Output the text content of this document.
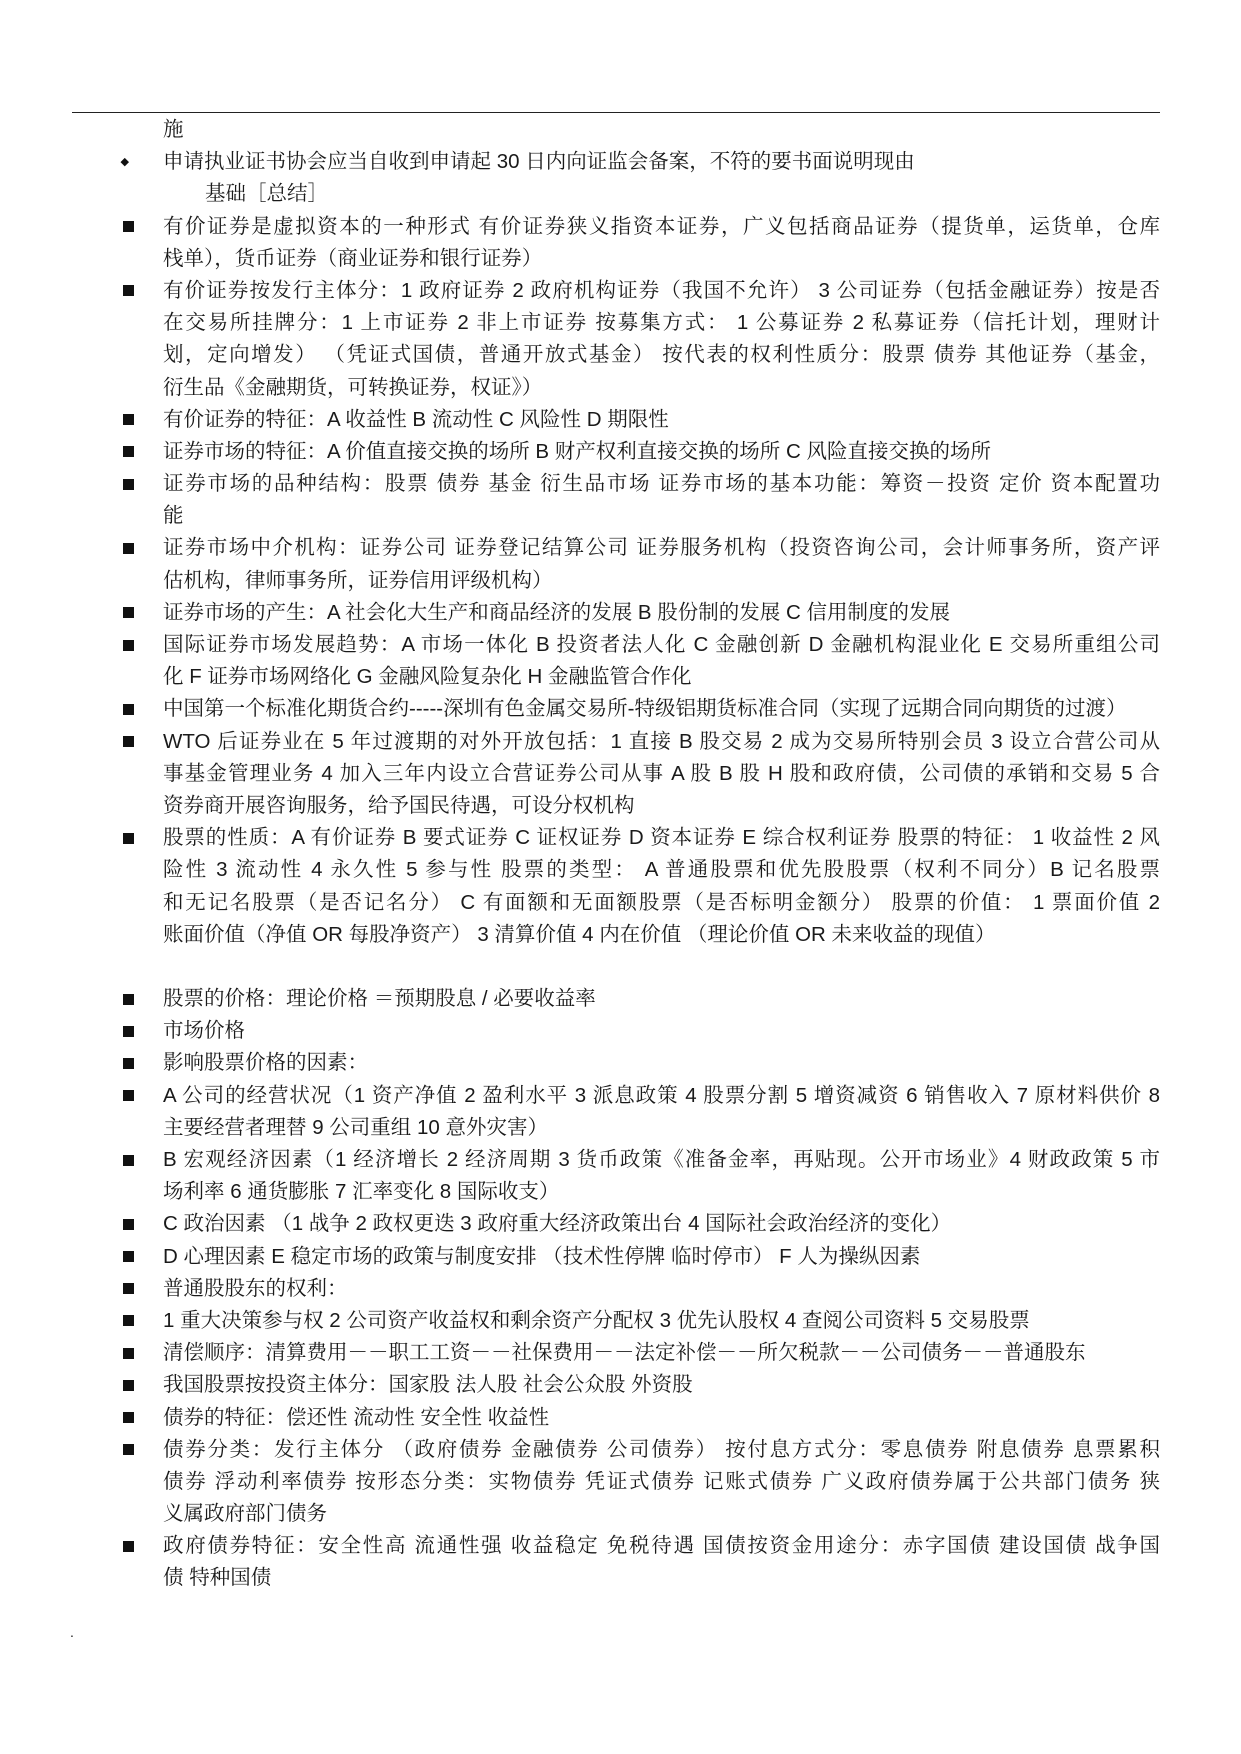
施
申请执业证书协会应当自收到申请起 30 日内向证监会备案，不符的要书面说明现由
基础［总结］
有价证券是虚拟资本的一种形式 有价证券狭义指资本证券，广义包括商品证券（提货单，运货单，仓库
栈单），货币证券（商业证券和银行证券）
有价证券按发行主体分：1 政府证券 2 政府机构证券（我国不允许） 3 公司证券（包括金融证券）按是否
在交易所挂牌分：1 上市证券 2 非上市证券 按募集方式： 1 公募证券 2 私募证券（信托计划，理财计
划，定向增发） （凭证式国债，普通开放式基金） 按代表的权利性质分：股票 债券 其他证券（基金，
衍生品《金融期货，可转换证券，权证》）
有价证券的特征：A 收益性 B 流动性 C 风险性 D 期限性
证券市场的特征：A 价值直接交换的场所 B 财产权利直接交换的场所 C 风险直接交换的场所
证券市场的品种结构：股票 债券 基金 衍生品市场 证券市场的基本功能：筹资－投资 定价 资本配置功
能
证券市场中介机构：证券公司 证券登记结算公司 证券服务机构（投资咨询公司，会计师事务所，资产评
估机构，律师事务所，证券信用评级机构）
证券市场的产生：A 社会化大生产和商品经济的发展 B 股份制的发展 C 信用制度的发展
国际证券市场发展趋势：A 市场一体化 B 投资者法人化 C 金融创新 D 金融机构混业化 E 交易所重组公司
化 F 证券市场网络化 G 金融风险复杂化 H 金融监管合作化
中国第一个标准化期货合约-----深圳有色金属交易所-特级铝期货标准合同（实现了远期合同向期货的过渡）
WTO 后证券业在 5 年过渡期的对外开放包括：1 直接 B 股交易 2 成为交易所特别会员 3 设立合营公司从
事基金管理业务 4 加入三年内设立合营证券公司从事 A 股 B 股 H 股和政府债，公司债的承销和交易 5 合
资券商开展咨询服务，给予国民待遇，可设分权机构
股票的性质：A 有价证券 B 要式证券 C 证权证券 D 资本证券 E 综合权利证券 股票的特征： 1 收益性 2 风
险性 3 流动性 4 永久性 5 参与性 股票的类型： A 普通股票和优先股股票（权利不同分）B 记名股票
和无记名股票（是否记名分） C 有面额和无面额股票（是否标明金额分） 股票的价值： 1 票面价值 2
账面价值（净值 OR 每股净资产） 3 清算价值 4 内在价值 （理论价值 OR 未来收益的现值）
股票的价格：理论价格 ＝预期股息 / 必要收益率
市场价格
影响股票价格的因素：
A 公司的经营状况（1 资产净值 2 盈利水平 3 派息政策 4 股票分割 5 增资减资 6 销售收入 7 原材料供价 8
主要经营者理替 9 公司重组 10 意外灾害）
B 宏观经济因素（1 经济增长 2 经济周期 3 货币政策《准备金率，再贴现。公开市场业》4 财政政策 5 市
场利率 6 通货膨胀 7 汇率变化 8 国际收支）
C 政治因素 （1 战争 2 政权更迭 3 政府重大经济政策出台 4 国际社会政治经济的变化）
D 心理因素 E 稳定市场的政策与制度安排 （技术性停牌 临时停市） F 人为操纵因素
普通股股东的权利：
1 重大决策参与权 2 公司资产收益权和剩余资产分配权 3 优先认股权 4 查阅公司资料 5 交易股票
清偿顺序：清算费用－－职工工资－－社保费用－－法定补偿－－所欠税款－－公司债务－－普通股东
我国股票按投资主体分：国家股 法人股 社会公众股 外资股
债券的特征：偿还性 流动性 安全性 收益性
债券分类：发行主体分 （政府债券 金融债券 公司债券） 按付息方式分：零息债券 附息债券 息票累积
债券 浮动利率债券 按形态分类：实物债券 凭证式债券 记账式债券 广义政府债券属于公共部门债务 狭
义属政府部门债务
政府债券特征：安全性高 流通性强 收益稳定 免税待遇 国债按资金用途分：赤字国债 建设国债 战争国
债 特种国债
.
